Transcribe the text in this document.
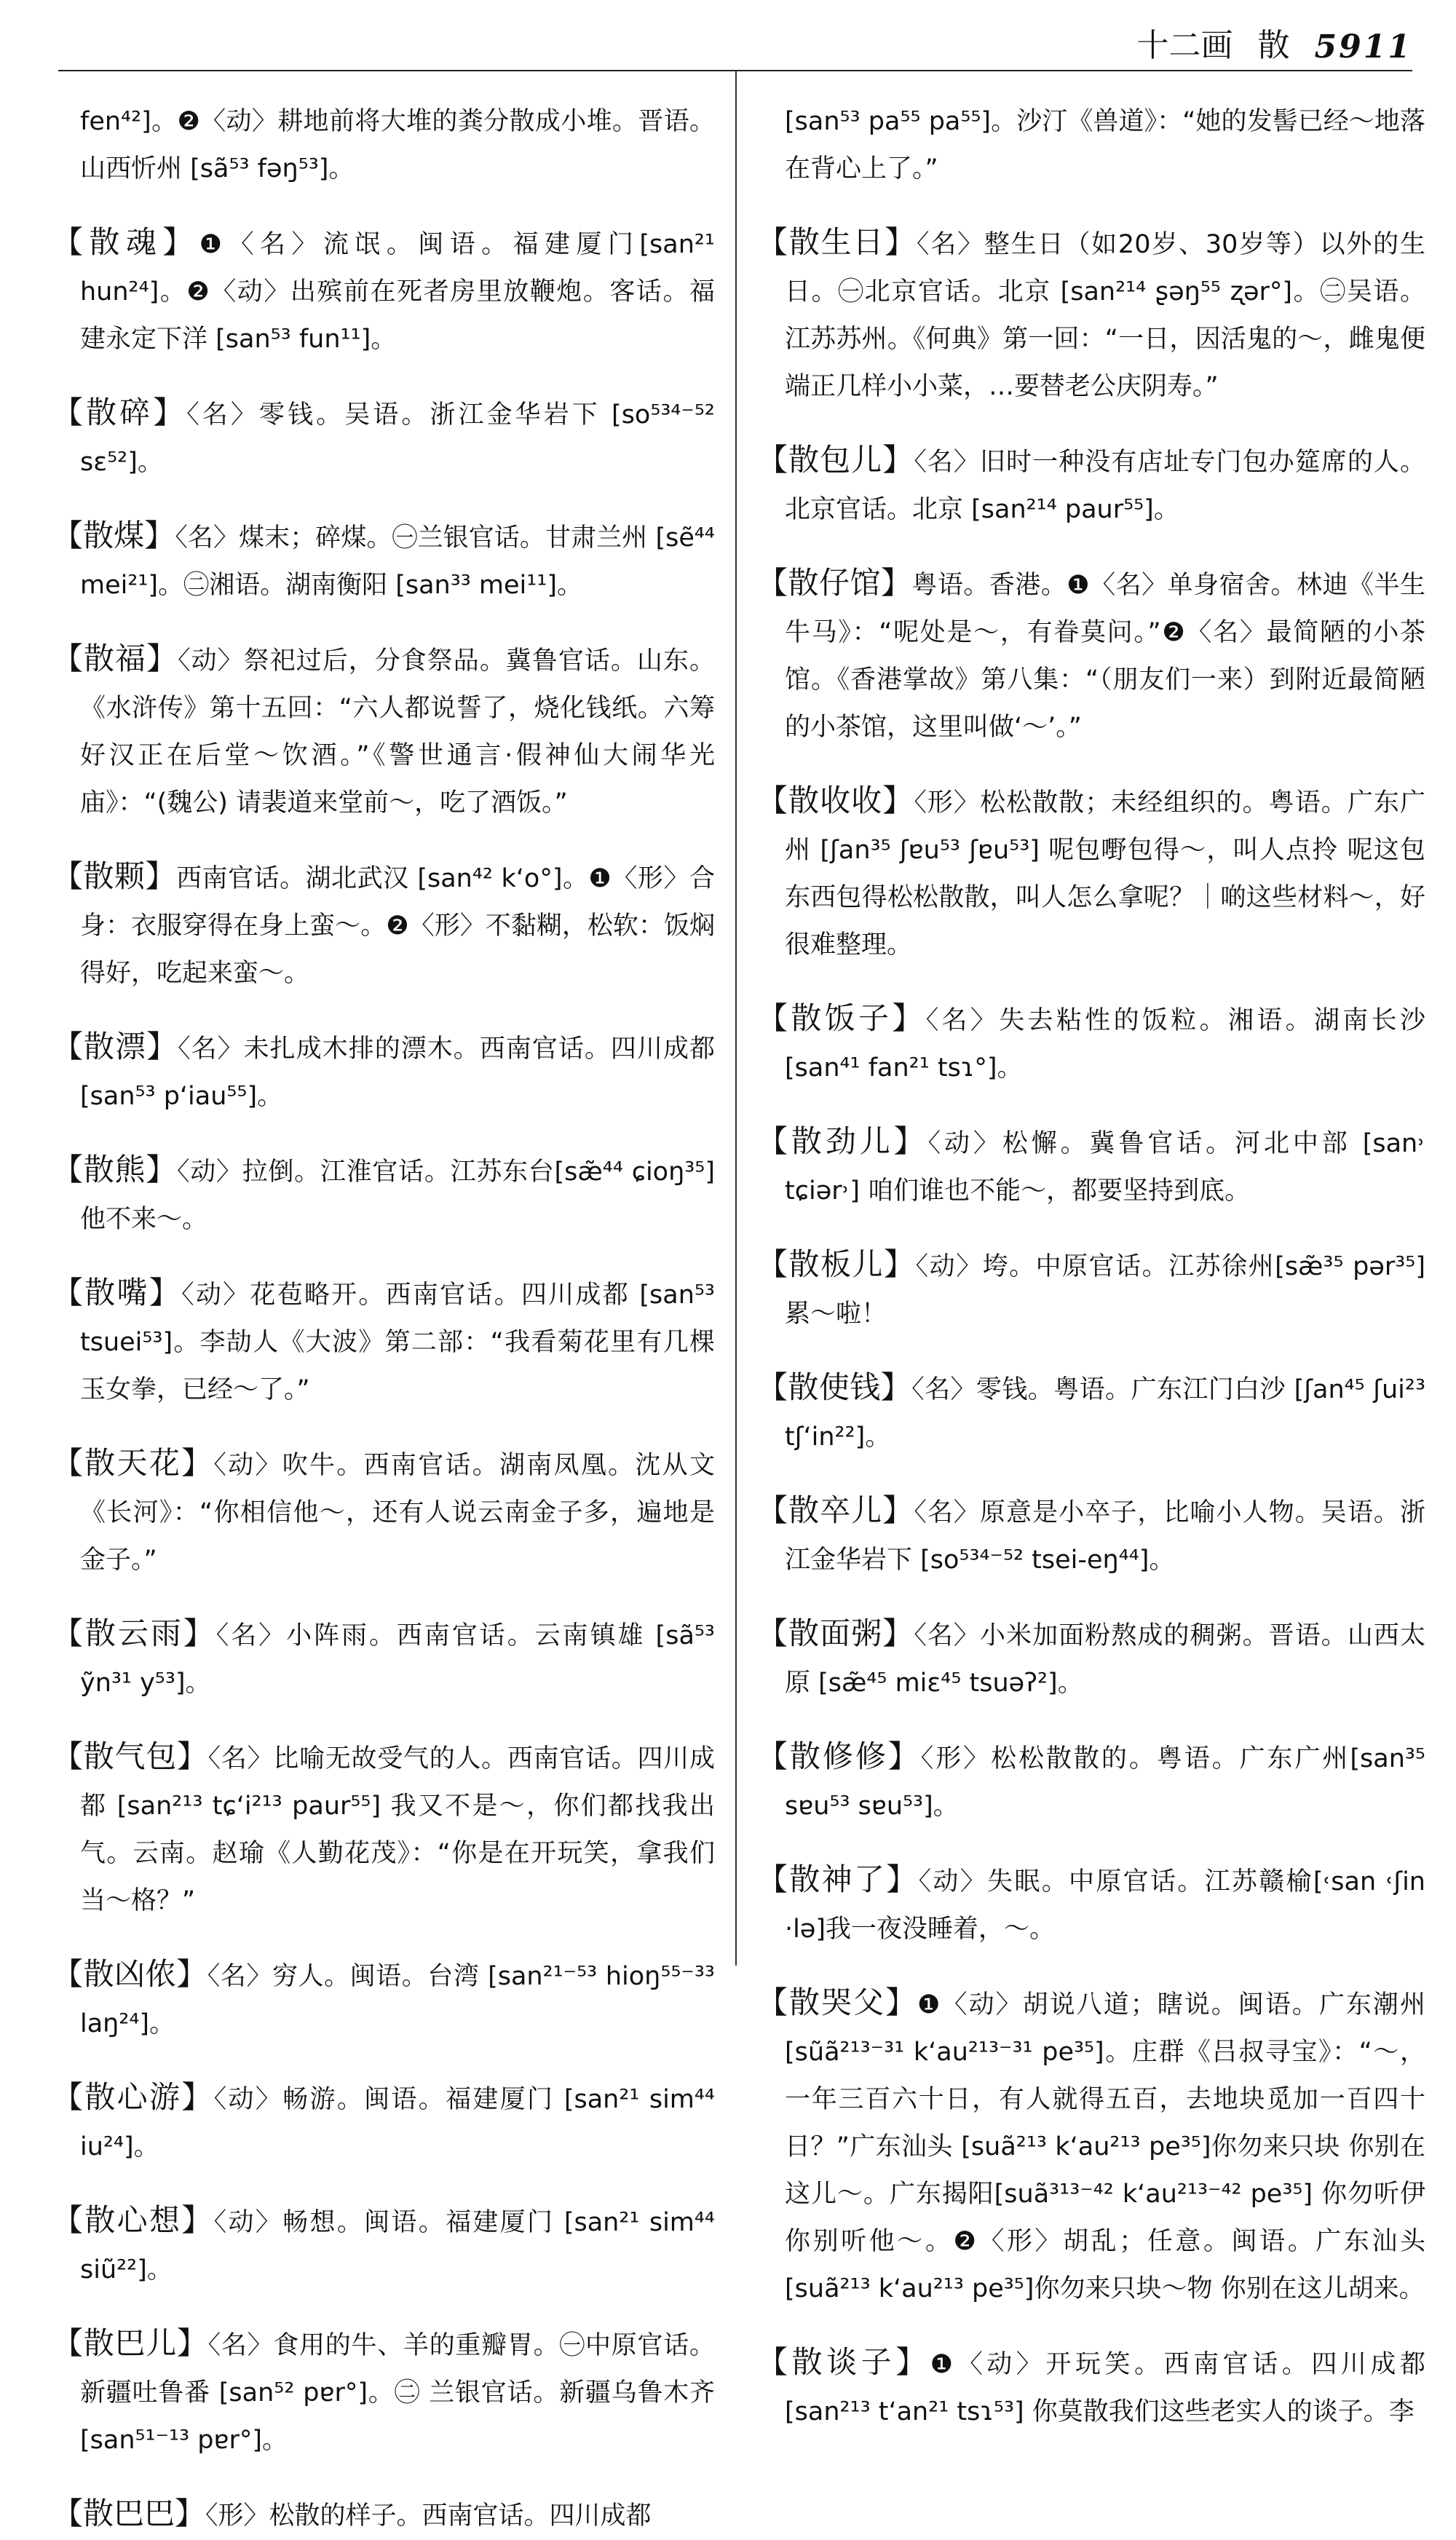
十二画 散 5911

fen⁴²]。❷〈动〉耕地前将大堆的粪分散成小堆。晋语。山西忻州 [sã⁵³ fəŋ⁵³]。

【 散魂 】 ❶〈名〉流氓。闽语。福建厦门[san²¹ hun²⁴]。❷〈动〉出殡前在死者房里放鞭炮。客话。福建永定下洋 [san⁵³ fun¹¹]。

【 散碎 】 〈名〉零钱。吴语。浙江金华岩下 [so⁵³⁴⁻⁵² sɛ⁵²]。

【 散煤 】 〈名〉煤末；碎煤。㊀兰银官话。甘肃兰州 [sẽ⁴⁴ mei²¹]。㊁湘语。湖南衡阳 [san³³ mei¹¹]。

【 散福 】 〈动〉祭祀过后，分食祭品。冀鲁官话。山东。《水浒传》第十五回：“六人都说誓了，烧化钱纸。六筹好汉正在后堂～饮酒。”《警世通言·假神仙大闹华光庙》：“(魏公) 请裴道来堂前～，吃了酒饭。”

【 散颗 】 西南官话。湖北武汉 [san⁴² k‘o°]。❶〈形〉合身：衣服穿得在身上蛮～。❷〈形〉不黏糊，松软：饭焖得好，吃起来蛮～。

【 散漂 】 〈名〉未扎成木排的漂木。西南官话。四川成都 [san⁵³ p‘iau⁵⁵]。

【 散熊 】 〈动〉拉倒。江淮官话。江苏东台[sæ̃⁴⁴ ɕioŋ³⁵] 他不来～。

【 散嘴 】 〈动〉花苞略开。西南官话。四川成都 [san⁵³ tsuei⁵³]。李劼人《大波》第二部：“我看菊花里有几棵玉女拳，已经～了。”

【 散天花 】 〈动〉吹牛。西南官话。湖南凤凰。沈从文《长河》：“你相信他～，还有人说云南金子多，遍地是金子。”

【 散云雨 】 〈名〉小阵雨。西南官话。云南镇雄 [sã⁵³ ỹn³¹ y⁵³]。

【 散气包 】 〈名〉比喻无故受气的人。西南官话。四川成都 [san²¹³ tɕ‘i²¹³ paur⁵⁵] 我又不是～，你们都找我出气。云南。赵瑜《人勤花茂》：“你是在开玩笑，拿我们当～格？”

【 散凶侬 】 〈名〉穷人。闽语。台湾 [san²¹⁻⁵³ hioŋ⁵⁵⁻³³ laŋ²⁴]。

【 散心游 】 〈动〉畅游。闽语。福建厦门 [san²¹ sim⁴⁴ iu²⁴]。

【 散心想 】 〈动〉畅想。闽语。福建厦门 [san²¹ sim⁴⁴ siũ²²]。

【 散巴儿 】 〈名〉食用的牛、羊的重瓣胃。㊀中原官话。新疆吐鲁番 [san⁵² pɐr°]。㊁ 兰银官话。新疆乌鲁木齐 [san⁵¹⁻¹³ pɐr°]。

【 散巴巴 】 〈形〉松散的样子。西南官话。四川成都

[san⁵³ pa⁵⁵ pa⁵⁵]。沙汀《兽道》：“她的发髻已经～地落在背心上了。”

【 散生日 】 〈名〉整生日（如20岁、30岁等）以外的生日。㊀北京官话。北京 [san²¹⁴ ʂəŋ⁵⁵ ʐər°]。㊁吴语。江苏苏州。《何典》第一回：“一日，因活鬼的～，雌鬼便端正几样小小菜，…要替老公庆阴寿。”

【 散包儿 】 〈名〉旧时一种没有店址专门包办筵席的人。北京官话。北京 [san²¹⁴ paur⁵⁵]。

【 散仔馆 】 粤语。香港。❶〈名〉单身宿舍。林迪《半生牛马》：“呢处是～，有眷莫问。”❷〈名〉最简陋的小茶馆。《香港掌故》第八集：“（朋友们一来）到附近最简陋的小茶馆，这里叫做‘～’。”

【 散收收 】 〈形〉松松散散；未经组织的。粤语。广东广州 [ʃan³⁵ ʃɐu⁵³ ʃɐu⁵³] 呢包嘢包得～，叫人点拎 呢这包东西包得松松散散，叫人怎么拿呢？｜啲这些材料～，好很难整理。

【 散饭子 】 〈名〉失去粘性的饭粒。湘语。湖南长沙 [san⁴¹ fan²¹ tsɿ°]。

【 散劲儿 】 〈动〉松懈。冀鲁官话。河北中部 [san˒ tɕiər˒] 咱们谁也不能～，都要坚持到底。

【 散板儿 】 〈动〉垮。中原官话。江苏徐州[sæ̃³⁵ pər³⁵] 累～啦！

【 散使钱 】 〈名〉零钱。粤语。广东江门白沙 [ʃan⁴⁵ ʃui²³ tʃ‘in²²]。

【 散卒儿 】 〈名〉原意是小卒子，比喻小人物。吴语。浙江金华岩下 [so⁵³⁴⁻⁵² tsei-eŋ⁴⁴]。

【 散面粥 】 〈名〉小米加面粉熬成的稠粥。晋语。山西太原 [sæ̃⁴⁵ miɛ⁴⁵ tsuəʔ²]。

【 散修修 】 〈形〉松松散散的。粤语。广东广州[san³⁵ sɐu⁵³ sɐu⁵³]。

【 散神了 】 〈动〉失眠。中原官话。江苏赣榆[˓san ˓ʃin ·lə]我一夜没睡着，～。

【 散哭父 】 ❶〈动〉胡说八道；瞎说。闽语。广东潮州 [sũã²¹³⁻³¹ k‘au²¹³⁻³¹ pe³⁵]。庄群《吕叔寻宝》：“～，一年三百六十日，有人就得五百，去地块觅加一百四十日？”广东汕头 [suã²¹³ k‘au²¹³ pe³⁵]你勿来只块 你别在这儿～。广东揭阳[suã³¹³⁻⁴² k‘au²¹³⁻⁴² pe³⁵] 你勿听伊 你别听他～。❷〈形〉胡乱；任意。闽语。广东汕头[suã²¹³ k‘au²¹³ pe³⁵]你勿来只块～物 你别在这儿胡来。

【 散谈子 】 ❶〈动〉开玩笑。西南官话。四川成都[san²¹³ t‘an²¹ tsɿ⁵³] 你莫散我们这些老实人的谈子。李
